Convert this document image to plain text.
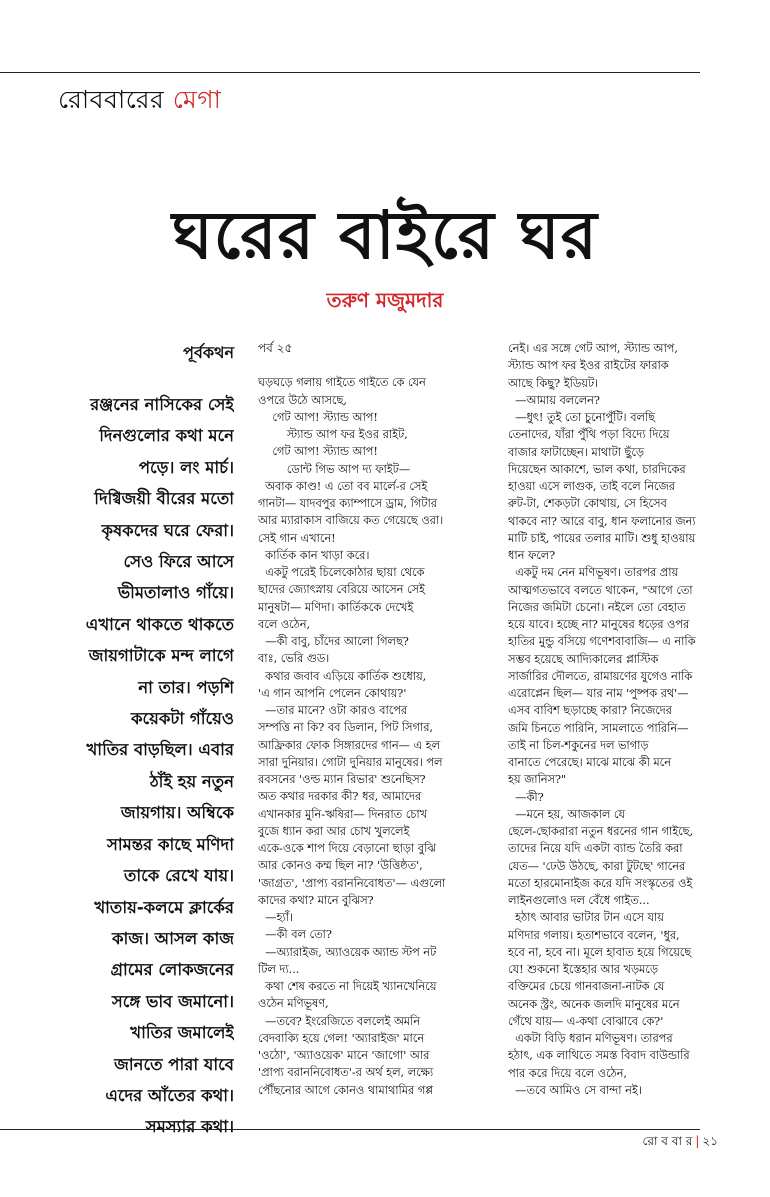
রোববারের মেগা
ঘরের বাইরে ঘর
তরুণ মজুমদার
পূর্বকথন
রঞ্জনের নাসিকের সেই
দিনগুলোর কথা মনে
পড়ে। লং মার্চ।
দিগ্বিজয়ী বীরের মতো
কৃষকদের ঘরে ফেরা।
সেও ফিরে আসে
ভীমতালাও গাঁয়ে।
এখানে থাকতে থাকতে
জায়গাটাকে মন্দ লাগে
না তার। পড়শি
কয়েকটা গাঁয়েও
খাতির বাড়ছিল। এবার
ঠাঁই হয় নতুন
জায়গায়। অম্বিকে
সামন্তর কাছে মণিদা
তাকে রেখে যায়।
খাতায়-কলমে ক্লার্কের
কাজ। আসল কাজ
গ্রামের লোকজনের
সঙ্গে ভাব জমানো।
খাতির জমালেই
জানতে পারা যাবে
এদের আঁতের কথা।
সমস্যার কথা।
পর্ব ২৫
ঘড়ঘড়ে গলায় গাইতে গাইতে কে যেন
ওপরে উঠে আসছে,
গেট আপ! স্ট্যান্ড আপ!
স্ট্যান্ড আপ ফর ইওর রাইট,
গেট আপ! স্ট্যান্ড আপ!
ডোন্ট গিভ আপ দ্য ফাইট—
অবাক কাণ্ড! এ তো বব মার্লে-র সেই
গানটা— যাদবপুর ক্যাম্পাসে ড্রাম, গিটার
আর ম্যারাকাস বাজিয়ে কত গেয়েছে ওরা।
সেই গান এখানে!
কার্তিক কান খাড়া করে।
একটু পরেই চিলেকোঠার ছায়া থেকে
ছাদের জ্যোৎস্নায় বেরিয়ে আসেন সেই
মানুষটা— মণিদা। কার্তিককে দেখেই
বলে ওঠেন,
—কী বাবু, চাঁদের আলো গিলছ?
বাঃ, ভেরি গুড।
কথার জবাব এড়িয়ে কার্তিক শুধোয়,
'এ গান আপনি পেলেন কোথায়?'
—তার মানে? ওটা কারও বাপের
সম্পত্তি না কি? বব ডিলান, পিট সিগার,
আফ্রিকার ফোক সিঙ্গারদের গান— এ হল
সারা দুনিয়ার। গোটা দুনিয়ার মানুষের। পল
রবসনের 'ওল্ড ম্যান রিভার' শুনেছিস?
অত কথার দরকার কী? ধর, আমাদের
এখানকার মুনি-ঋষিরা— দিনরাত চোখ
বুজে ধ্যান করা আর চোখ খুললেই
একে-ওকে শাপ দিয়ে বেড়ানো ছাড়া বুঝি
আর কোনও কম্ম ছিল না? 'উত্তিষ্ঠত',
'জাগ্রত', 'প্রাপ্য বরাননিবোধত'— এগুলো
কাদের কথা? মানে বুঝিস?
—হ্যাঁ।
—কী বল তো?
—অ্যারাইজ, অ্যাওয়েক অ্যান্ড স্টপ নট
টিল দ্য...
কথা শেষ করতে না দিয়েই খ্যানখেনিয়ে
ওঠেন মণিভূষণ,
—তবে? ইংরেজিতে বললেই অমনি
বেদবাক্যি হয়ে গেল! 'অ্যারাইজ' মানে
'ওঠো', 'অ্যাওয়েক' মানে 'জাগো' আর
'প্রাপ্য বরাননিবোধত'-র অর্থ হল, লক্ষ্যে
পৌঁছনোর আগে কোনও থামাথামির গপ্প
নেই। এর সঙ্গে গেট আপ, স্ট্যান্ড আপ,
স্ট্যান্ড আপ ফর ইওর রাইটের ফারাক
আছে কিছু? ইডিয়ট।
—আমায় বললেন?
—ধুৎ! তুই তো চুনোপুঁটি। বলছি
তেনাদের, যাঁরা পুঁথি পড়া বিদ্যে দিয়ে
বাজার ফাটাচ্ছেন। মাথাটা ছুঁড়ে
দিয়েছেন আকাশে, ভাল কথা, চারদিকের
হাওয়া এসে লাগুক, তাই বলে নিজের
রুট-টা, শেকড়টা কোথায়, সে হিসেব
থাকবে না? আরে বাবু, ধান ফলানোর জন্য
মাটি চাই, পায়ের তলার মাটি। শুধু হাওয়ায়
ধান ফলে?
একটু দম নেন মণিভূষণ। তারপর প্রায়
আত্মগতভাবে বলতে থাকেন, "আগে তো
নিজের জমিটা চেনো। নইলে তো বেহাত
হয়ে যাবে। হচ্ছে না? মানুষের ধড়ের ওপর
হাতির মুন্ডু বসিয়ে গণেশবাবাজি— এ নাকি
সম্ভব হয়েছে আদ্যিকালের প্লাস্টিক
সার্জারির দৌলতে, রামায়ণের যুগেও নাকি
এরোপ্লেন ছিল— যার নাম 'পুষ্পক রথ'—
এসব বাবিশ ছড়াচ্ছে কারা? নিজেদের
জমি চিনতে পারিনি, সামলাতে পারিনি—
তাই না চিল-শকুনের দল ভাগাড়
বানাতে পেরেছে। মাঝে মাঝে কী মনে
হয় জানিস?"
—কী?
—মনে হয়, আজকাল যে
ছেলে-ছোকরারা নতুন ধরনের গান গাইছে,
তাদের নিয়ে যদি একটা ব্যান্ড তৈরি করা
যেত— 'ঢেউ উঠছে, কারা টুটছে' গানের
মতো হারমোনাইজ করে যদি সংস্কৃতের ওই
লাইনগুলোও দল বেঁধে গাইত...
হঠাৎ আবার ভাটার টান এসে যায়
মণিদার গলায়। হতাশভাবে বলেন, 'ধুর,
হবে না, হবে না। মূলে হাবাত হয়ে গিয়েছে
যে! শুকনো ইস্তেহার আর খড়মড়ে
বক্তিমের চেয়ে গানবাজনা-নাটক যে
অনেক স্ট্রং, অনেক জলদি মানুষের মনে
গেঁথে যায়— এ-কথা বোঝাবে কে?'
একটা বিড়ি ধরান মণিভূষণ। তারপর
হঠাৎ, এক লাথিতে সমস্ত বিবাদ বাউন্ডারি
পার করে দিয়ে বলে ওঠেন,
—তবে আমিও সে বান্দা নই।
রো ব বা র | ২১
